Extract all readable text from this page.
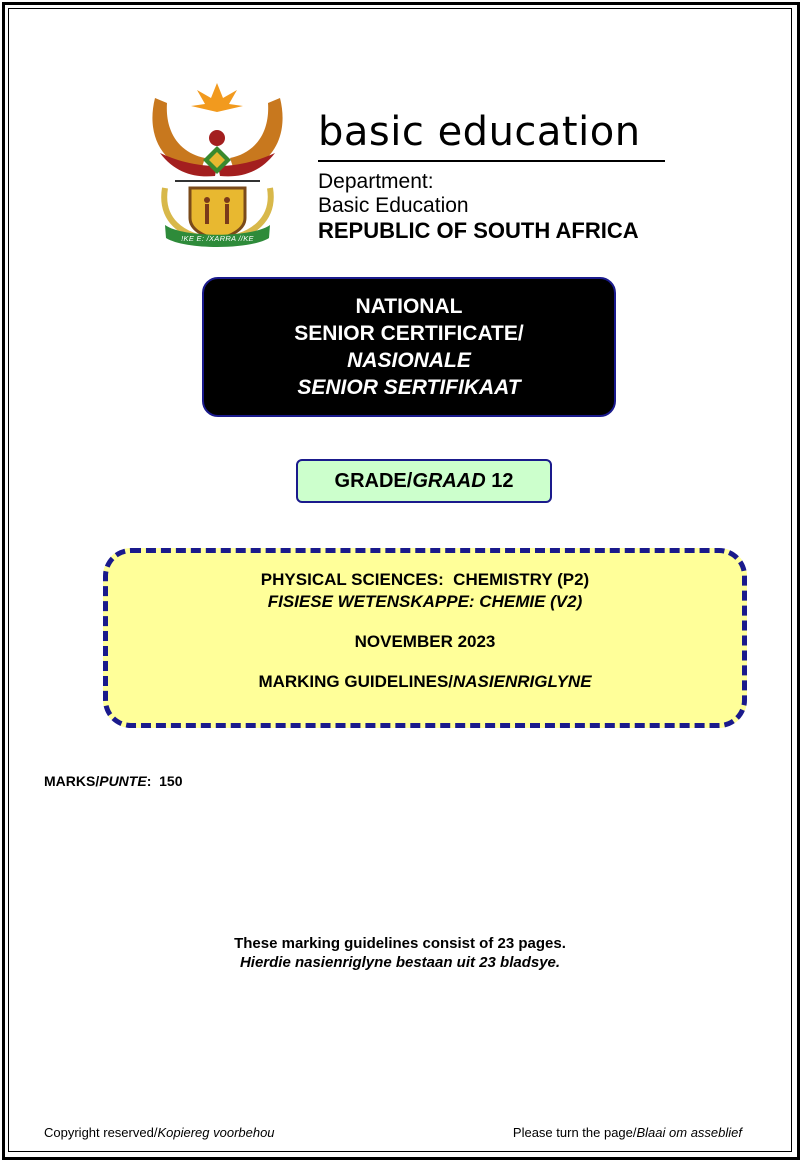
!KE E: /XARRA //KE
basic education
Department:
Basic Education
REPUBLIC OF SOUTH AFRICA
NATIONAL
SENIOR CERTIFICATE/
NASIONALE
SENIOR SERTIFIKAAT
GRADE/GRAAD 12
PHYSICAL SCIENCES:  CHEMISTRY (P2)
FISIESE WETENSKAPPE: CHEMIE (V2)
NOVEMBER 2023
MARKING GUIDELINES/NASIENRIGLYNE
MARKS/PUNTE:  150
These marking guidelines consist of 23 pages.
Hierdie nasienriglyne bestaan uit 23 bladsye.
Copyright reserved/Kopiereg voorbehou	Please turn the page/Blaai om asseblief
